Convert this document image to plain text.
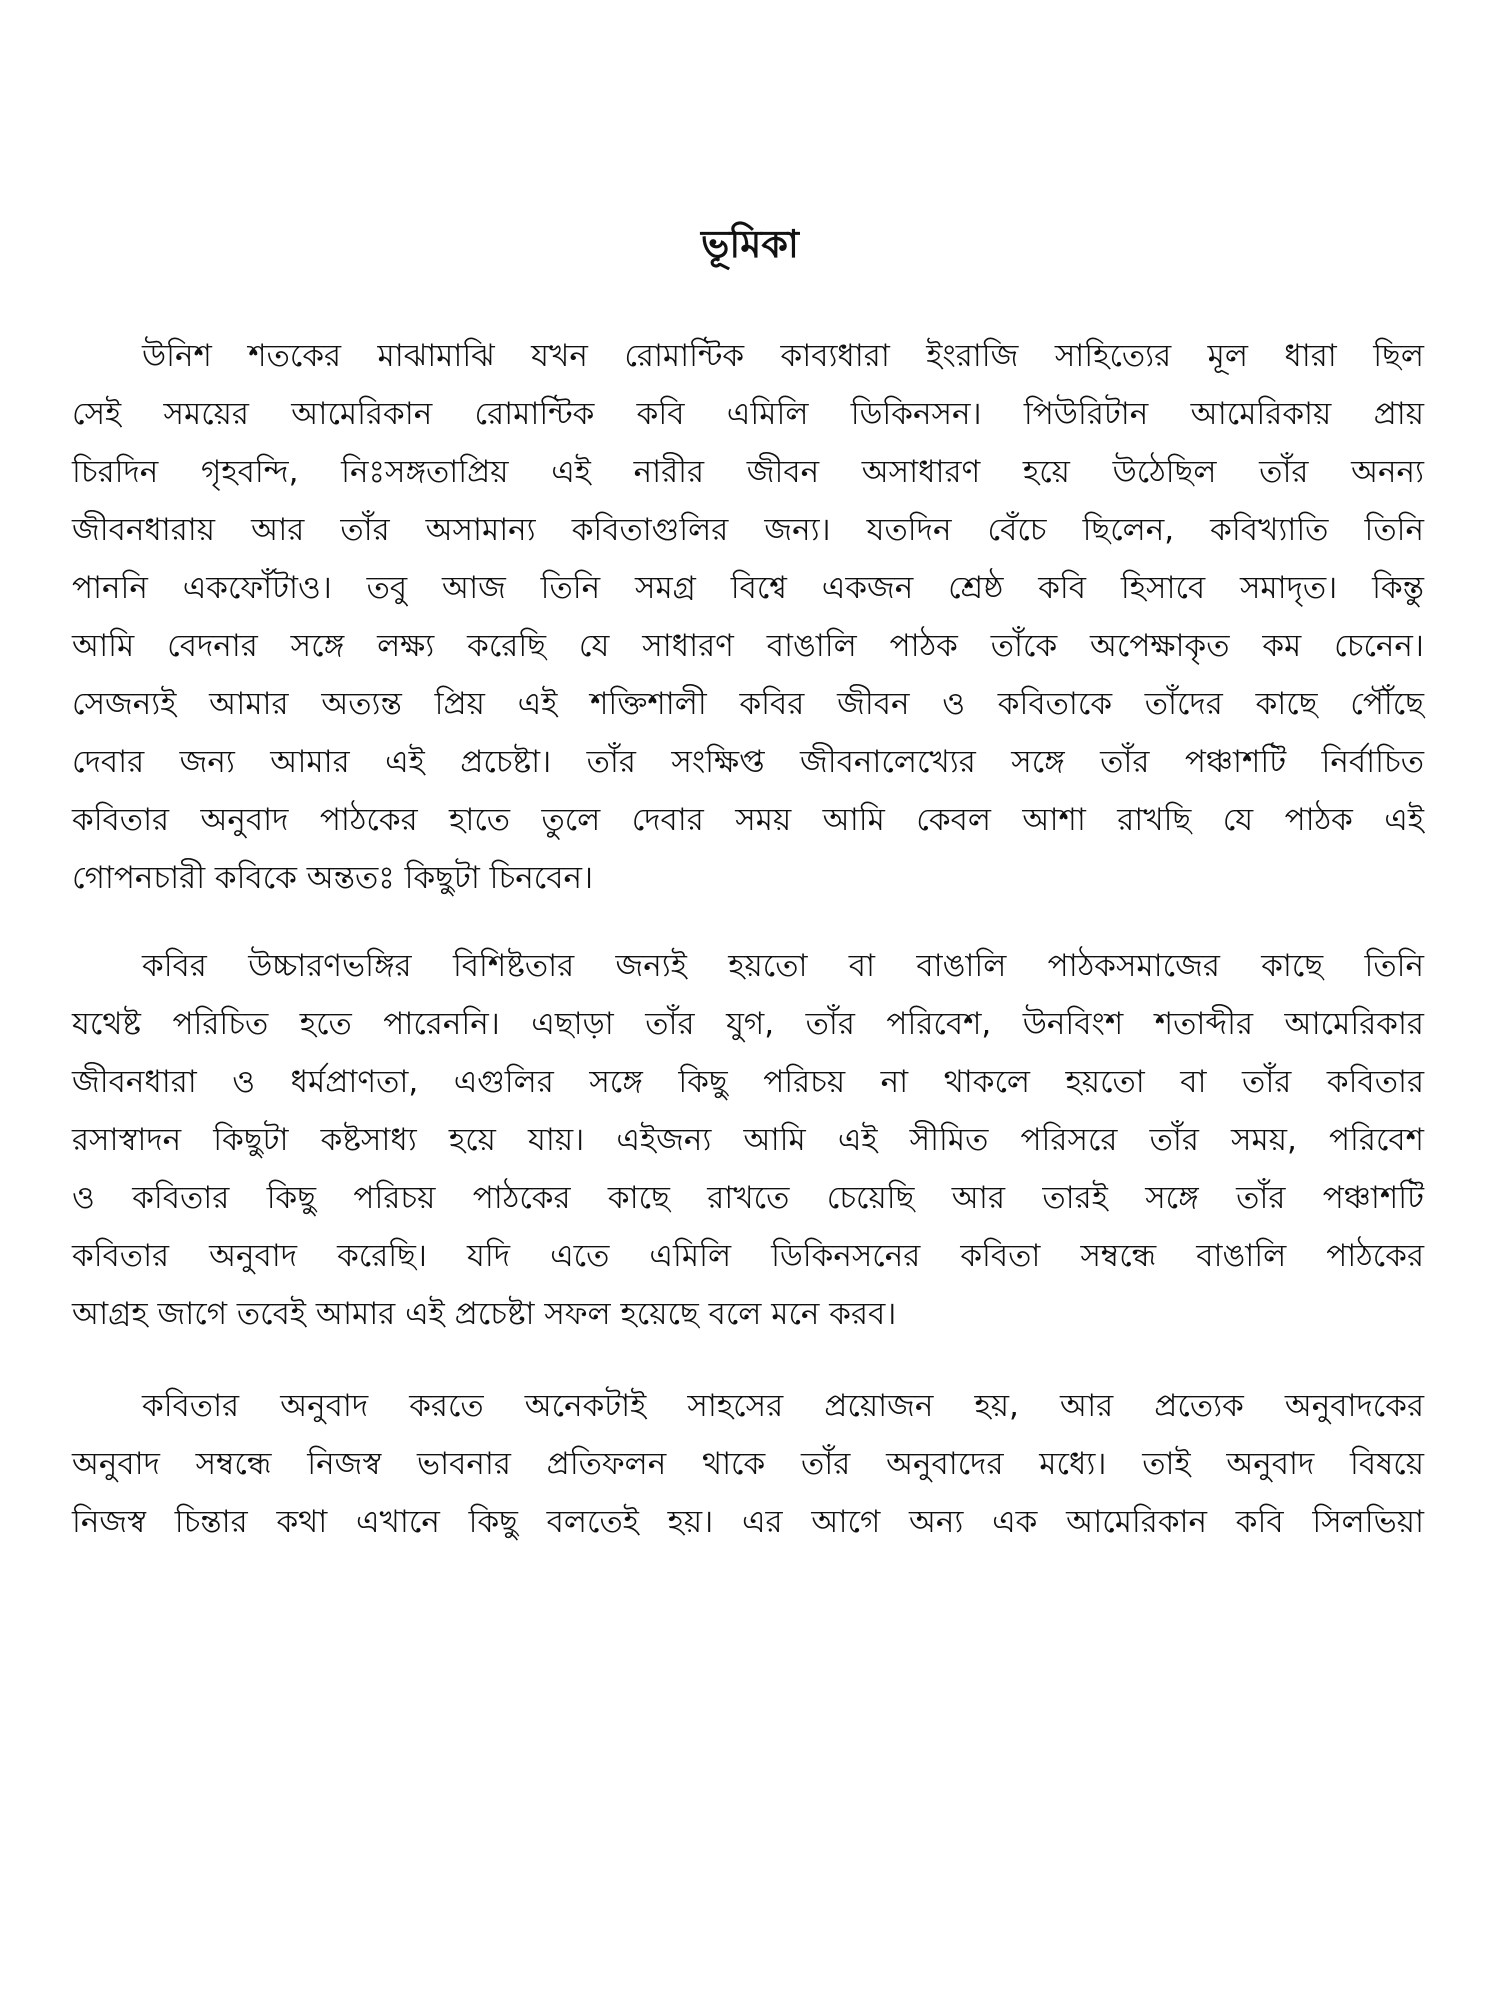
ভূমিকা

উনিশ শতকের মাঝামাঝি যখন রোমান্টিক কাব্যধারা ইংরাজি সাহিত্যের মূল ধারা ছিল

সেই সময়ের আমেরিকান রোমান্টিক কবি এমিলি ডিকিনসন। পিউরিটান আমেরিকায় প্রায়

চিরদিন গৃহবন্দি, নিঃসঙ্গতাপ্রিয় এই নারীর জীবন অসাধারণ হয়ে উঠেছিল তাঁর অনন্য

জীবনধারায় আর তাঁর অসামান্য কবিতাগুলির জন্য। যতদিন বেঁচে ছিলেন, কবিখ্যাতি তিনি

পাননি একফোঁটাও। তবু আজ তিনি সমগ্র বিশ্বে একজন শ্রেষ্ঠ কবি হিসাবে সমাদৃত। কিন্তু

আমি বেদনার সঙ্গে লক্ষ্য করেছি যে সাধারণ বাঙালি পাঠক তাঁকে অপেক্ষাকৃত কম চেনেন।

সেজন্যই আমার অত্যন্ত প্রিয় এই শক্তিশালী কবির জীবন ও কবিতাকে তাঁদের কাছে পৌঁছে

দেবার জন্য আমার এই প্রচেষ্টা। তাঁর সংক্ষিপ্ত জীবনালেখ্যের সঙ্গে তাঁর পঞ্চাশটি নির্বাচিত

কবিতার অনুবাদ পাঠকের হাতে তুলে দেবার সময় আমি কেবল আশা রাখছি যে পাঠক এই

গোপনচারী কবিকে অন্ততঃ কিছুটা চিনবেন।

কবির উচ্চারণভঙ্গির বিশিষ্টতার জন্যই হয়তো বা বাঙালি পাঠকসমাজের কাছে তিনি

যথেষ্ট পরিচিত হতে পারেননি। এছাড়া তাঁর যুগ, তাঁর পরিবেশ, উনবিংশ শতাব্দীর আমেরিকার

জীবনধারা ও ধর্মপ্রাণতা, এগুলির সঙ্গে কিছু পরিচয় না থাকলে হয়তো বা তাঁর কবিতার

রসাস্বাদন কিছুটা কষ্টসাধ্য হয়ে যায়। এইজন্য আমি এই সীমিত পরিসরে তাঁর সময়, পরিবেশ

ও কবিতার কিছু পরিচয় পাঠকের কাছে রাখতে চেয়েছি আর তারই সঙ্গে তাঁর পঞ্চাশটি

কবিতার অনুবাদ করেছি। যদি এতে এমিলি ডিকিনসনের কবিতা সম্বন্ধে বাঙালি পাঠকের

আগ্রহ জাগে তবেই আমার এই প্রচেষ্টা সফল হয়েছে বলে মনে করব।

কবিতার অনুবাদ করতে অনেকটাই সাহসের প্রয়োজন হয়, আর প্রত্যেক অনুবাদকের

অনুবাদ সম্বন্ধে নিজস্ব ভাবনার প্রতিফলন থাকে তাঁর অনুবাদের মধ্যে। তাই অনুবাদ বিষয়ে

নিজস্ব চিন্তার কথা এখানে কিছু বলতেই হয়। এর আগে অন্য এক আমেরিকান কবি সিলভিয়া
